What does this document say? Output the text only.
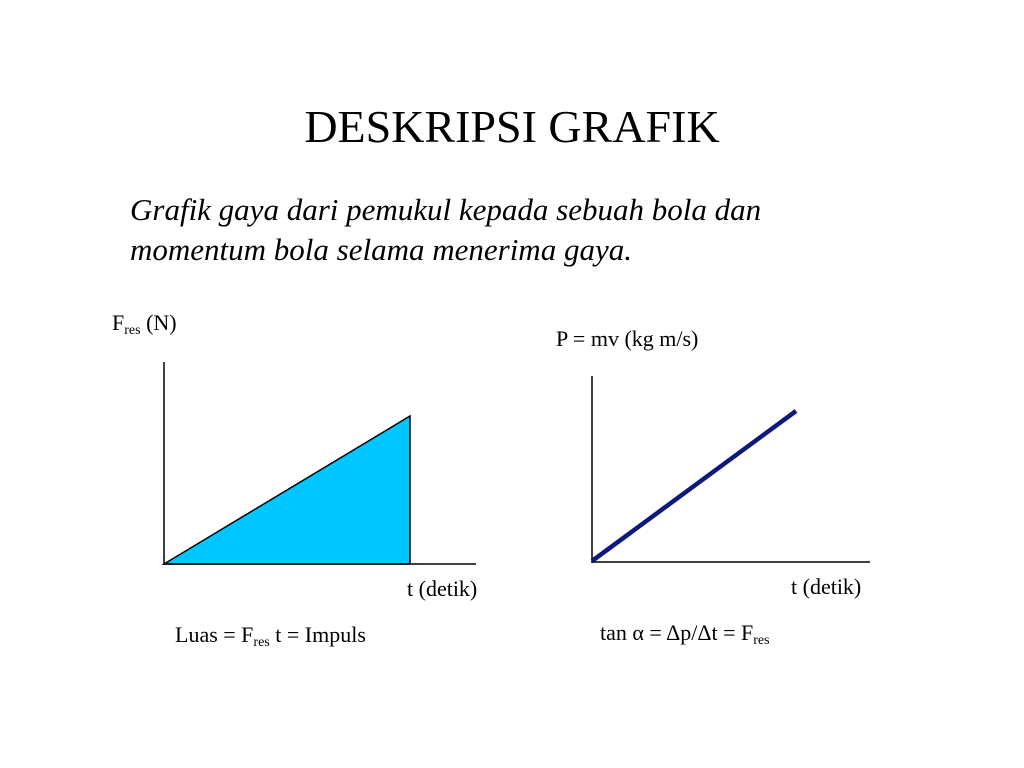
DESKRIPSI GRAFIK
Grafik gaya dari pemukul kepada sebuah bola dan
momentum bola selama menerima gaya.
$F_{res}$ (N)
t (detik)
Luas = $F_{res}$ t = Impuls
P = mv (kg m/s)
t (detik)
$\tan \alpha = \Delta p/\Delta t = F_{res}$
